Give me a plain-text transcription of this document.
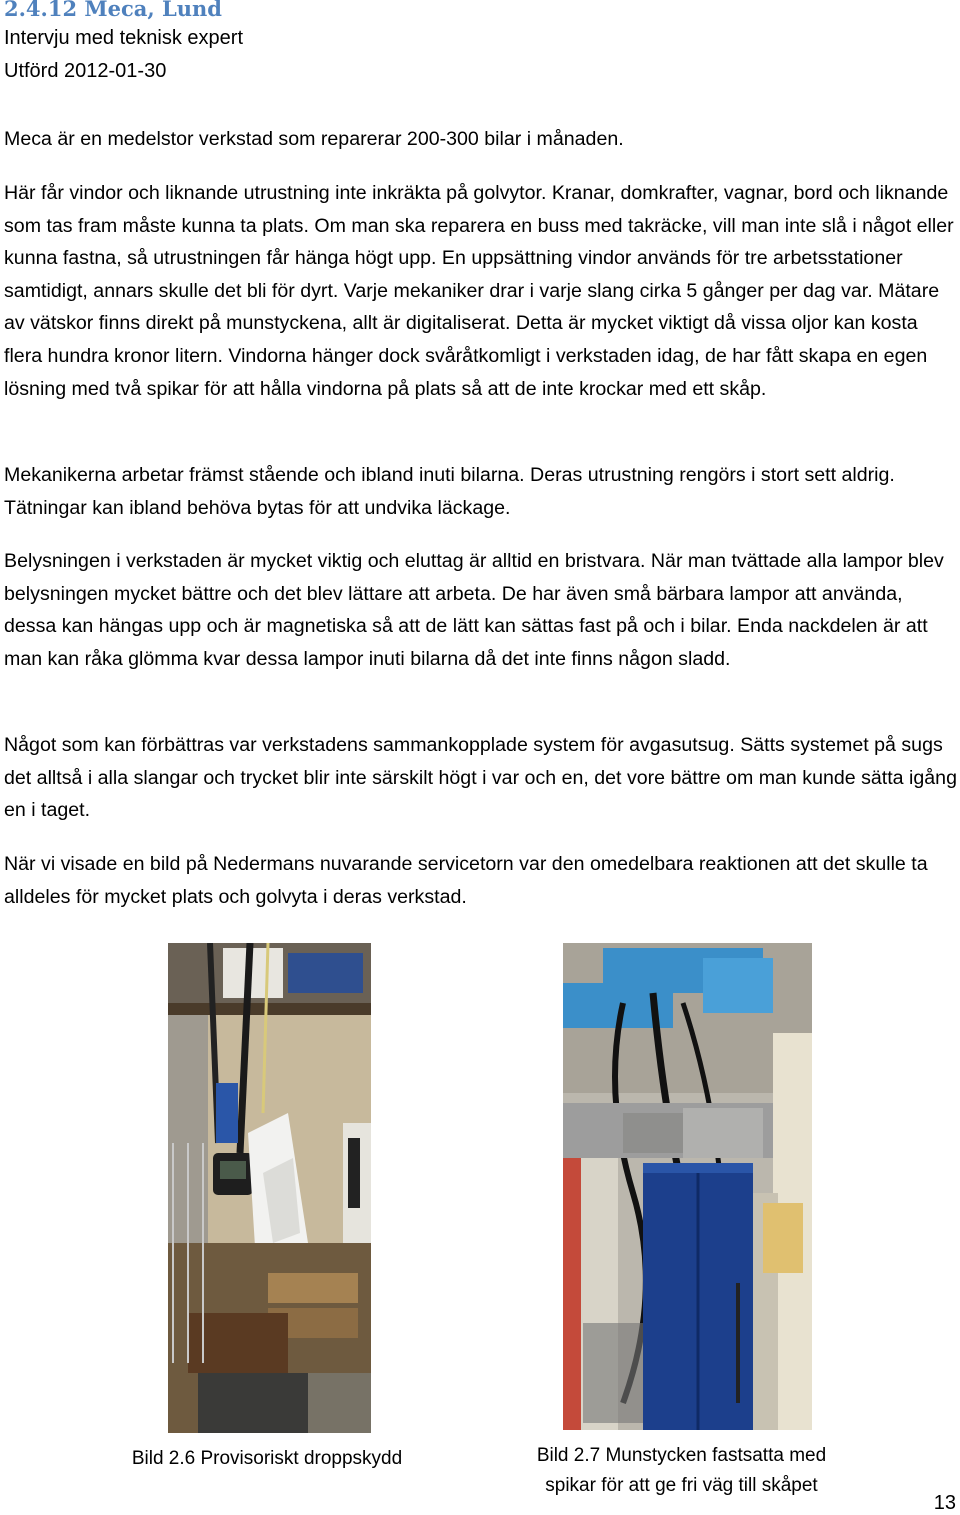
2.4.12 Meca, Lund
Intervju med teknisk expert
Utförd 2012-01-30

Meca är en medelstor verkstad som reparerar 200-300 bilar i månaden.

Här får vindor och liknande utrustning inte inkräkta på golvytor. Kranar, domkrafter, vagnar, bord och liknande som tas fram måste kunna ta plats. Om man ska reparera en buss med takräcke, vill man inte slå i något eller kunna fastna, så utrustningen får hänga högt upp. En uppsättning vindor används för tre arbetsstationer samtidigt, annars skulle det bli för dyrt. Varje mekaniker drar i varje slang cirka 5 gånger per dag var. Mätare av vätskor finns direkt på munstyckena, allt är digitaliserat. Detta är mycket viktigt då vissa oljor kan kosta flera hundra kronor litern. Vindorna hänger dock svåråtkomligt i verkstaden idag, de har fått skapa en egen lösning med två spikar för att hålla vindorna på plats så att de inte krockar med ett skåp.

Mekanikerna arbetar främst stående och ibland inuti bilarna. Deras utrustning rengörs i stort sett aldrig. Tätningar kan ibland behöva bytas för att undvika läckage.

Belysningen i verkstaden är mycket viktig och eluttag är alltid en bristvara. När man tvättade alla lampor blev belysningen mycket bättre och det blev lättare att arbeta. De har även små bärbara lampor att använda, dessa kan hängas upp och är magnetiska så att de lätt kan sättas fast på och i bilar. Enda nackdelen är att man kan råka glömma kvar dessa lampor inuti bilarna då det inte finns någon sladd.

Något som kan förbättras var verkstadens sammankopplade system för avgasutsug. Sätts systemet på sugs det alltså i alla slangar och trycket blir inte särskilt högt i var och en, det vore bättre om man kunde sätta igång en i taget.

När vi visade en bild på Nedermans nuvarande servicetorn var den omedelbara reaktionen att det skulle ta alldeles för mycket plats och golvyta i deras verkstad.

Bild 2.6 Provisoriskt droppskydd	Bild 2.7 Munstycken fastsatta med
spikar för att ge fri väg till skåpet
13
